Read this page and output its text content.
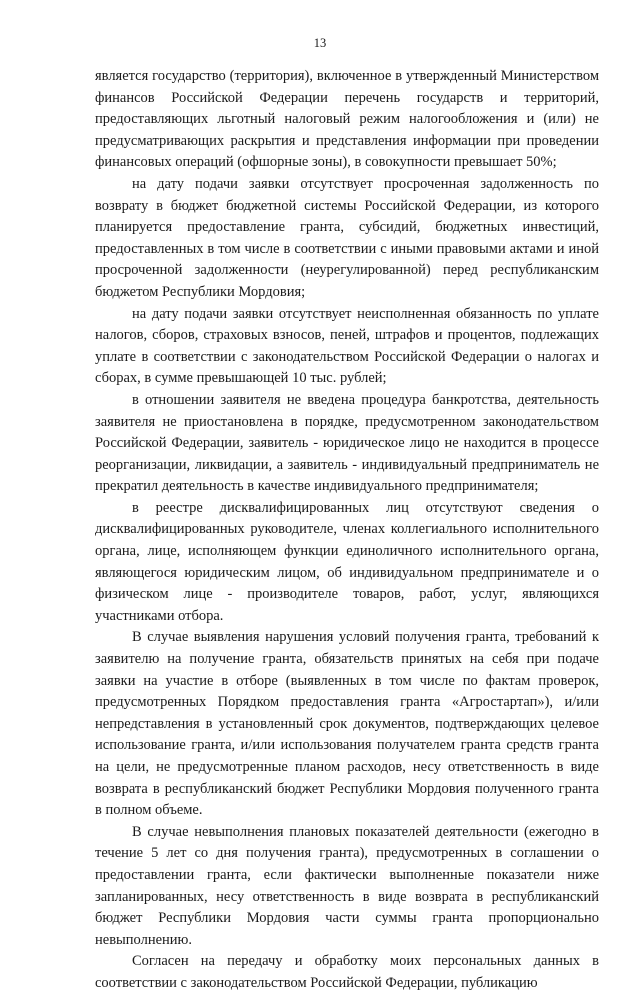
13

является государство (территория), включенное в утвержденный Министерством финансов Российской Федерации перечень государств и территорий, предоставляющих льготный налоговый режим налогообложения и (или) не предусматривающих раскрытия и представления информации при проведении финансовых операций (офшорные зоны), в совокупности превышает 50%;

на дату подачи заявки отсутствует просроченная задолженность по возврату в бюджет бюджетной системы Российской Федерации, из которого планируется предоставление гранта, субсидий, бюджетных инвестиций, предоставленных в том числе в соответствии с иными правовыми актами и иной просроченной задолженности (неурегулированной) перед республиканским бюджетом Республики Мордовия;

на дату подачи заявки отсутствует неисполненная обязанность по уплате налогов, сборов, страховых взносов, пеней, штрафов и процентов, подлежащих уплате в соответствии с законодательством Российской Федерации о налогах и сборах, в сумме превышающей 10 тыс. рублей;

в отношении заявителя не введена процедура банкротства, деятельность заявителя не приостановлена в порядке, предусмотренном законодательством Российской Федерации, заявитель - юридическое лицо не находится в процессе реорганизации, ликвидации, а заявитель - индивидуальный предприниматель не прекратил деятельность в качестве индивидуального предпринимателя;

в реестре дисквалифицированных лиц отсутствуют сведения о дисквалифицированных руководителе, членах коллегиального исполнительного органа, лице, исполняющем функции единоличного исполнительного органа, являющегося юридическим лицом, об индивидуальном предпринимателе и о физическом лице - производителе товаров, работ, услуг, являющихся участниками отбора.

В случае выявления нарушения условий получения гранта, требований к заявителю на получение гранта, обязательств принятых на себя при подаче заявки на участие в отборе (выявленных в том числе по фактам проверок, предусмотренных Порядком предоставления гранта «Агростартап»), и/или непредставления в установленный срок документов, подтверждающих целевое использование гранта, и/или использования получателем гранта средств гранта на цели, не предусмотренные планом расходов, несу ответственность в виде возврата в республиканский бюджет Республики Мордовия полученного гранта в полном объеме.

В случае невыполнения плановых показателей деятельности (ежегодно в течение 5 лет со дня получения гранта), предусмотренных в соглашении о предоставлении гранта, если фактически выполненные показатели ниже запланированных, несу ответственность в виде возврата в республиканский бюджет Республики Мордовия части суммы гранта пропорционально невыполнению.

Согласен на передачу и обработку моих персональных данных в соответствии с законодательством Российской Федерации, публикацию
